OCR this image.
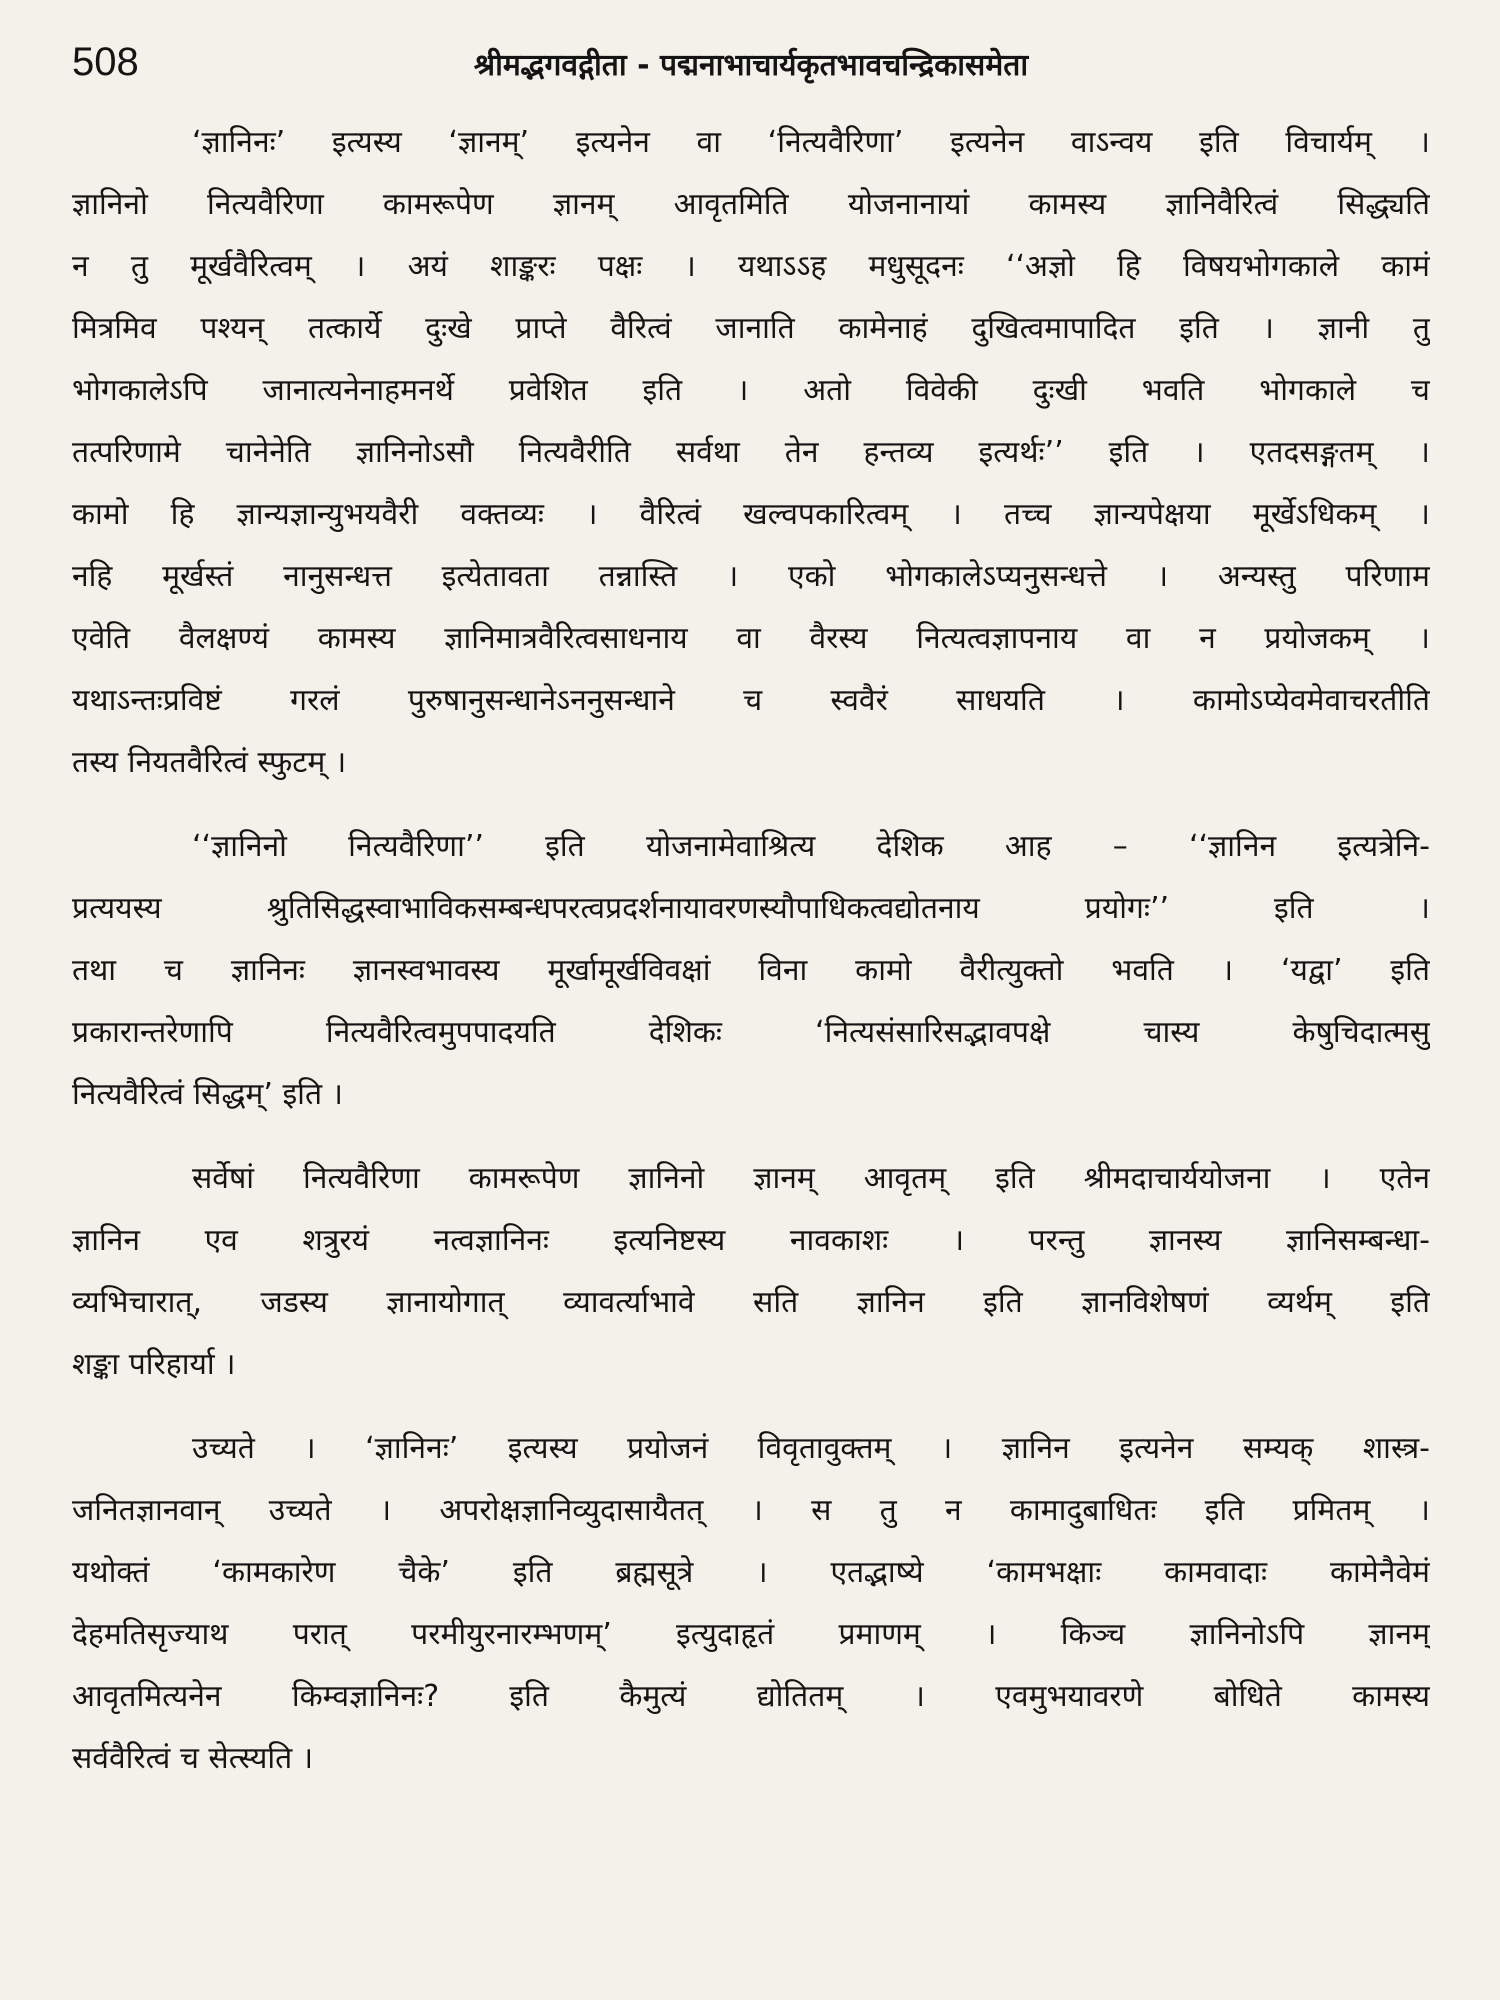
508	श्रीमद्भगवद्गीता - पद्मनाभाचार्यकृतभावचन्द्रिकासमेता
‘ज्ञानिनः’ इत्यस्य ‘ज्ञानम्’ इत्यनेन वा ‘नित्यवैरिणा’ इत्यनेन वाऽन्वय इति विचार्यम् ।
ज्ञानिनो नित्यवैरिणा कामरूपेण ज्ञानम् आवृतमिति योजनानायां कामस्य ज्ञानिवैरित्वं सिद्ध्यति
न तु मूर्खवैरित्वम् । अयं शाङ्करः पक्षः । यथाऽऽह मधुसूदनः ‘‘अज्ञो हि विषयभोगकाले कामं
मित्रमिव पश्यन् तत्कार्ये दुःखे प्राप्ते वैरित्वं जानाति कामेनाहं दुखित्वमापादित इति । ज्ञानी तु
भोगकालेऽपि जानात्यनेनाहमनर्थे प्रवेशित इति । अतो विवेकी दुःखी भवति भोगकाले च
तत्परिणामे चानेनेति ज्ञानिनोऽसौ नित्यवैरीति सर्वथा तेन हन्तव्य इत्यर्थः’’ इति । एतदसङ्गतम् ।
कामो हि ज्ञान्यज्ञान्युभयवैरी वक्तव्यः । वैरित्वं खल्वपकारित्वम् । तच्च ज्ञान्यपेक्षया मूर्खेऽधिकम् ।
नहि मूर्खस्तं नानुसन्धत्त इत्येतावता तन्नास्ति । एको भोगकालेऽप्यनुसन्धत्ते । अन्यस्तु परिणाम
एवेति वैलक्षण्यं कामस्य ज्ञानिमात्रवैरित्वसाधनाय वा वैरस्य नित्यत्वज्ञापनाय वा न प्रयोजकम् ।
यथाऽन्तःप्रविष्टं गरलं पुरुषानुसन्धानेऽननुसन्धाने च स्ववैरं साधयति । कामोऽप्येवमेवाचरतीति
तस्य नियतवैरित्वं स्फुटम् ।
‘‘ज्ञानिनो नित्यवैरिणा’’ इति योजनामेवाश्रित्य देशिक आह – ‘‘ज्ञानिन इत्यत्रेनि-
प्रत्ययस्य श्रुतिसिद्धस्वाभाविकसम्बन्धपरत्वप्रदर्शनायावरणस्यौपाधिकत्वद्योतनाय प्रयोगः’’ इति ।
तथा च ज्ञानिनः ज्ञानस्वभावस्य मूर्खामूर्खविवक्षां विना कामो वैरीत्युक्तो भवति । ‘यद्वा’ इति
प्रकारान्तरेणापि नित्यवैरित्वमुपपादयति देशिकः ‘नित्यसंसारिसद्भावपक्षे चास्य केषुचिदात्मसु
नित्यवैरित्वं सिद्धम्’ इति ।
सर्वेषां नित्यवैरिणा कामरूपेण ज्ञानिनो ज्ञानम् आवृतम् इति श्रीमदाचार्ययोजना । एतेन
ज्ञानिन एव शत्रुरयं नत्वज्ञानिनः इत्यनिष्टस्य नावकाशः । परन्तु ज्ञानस्य ज्ञानिसम्बन्धा-
व्यभिचारात्, जडस्य ज्ञानायोगात् व्यावर्त्याभावे सति ज्ञानिन इति ज्ञानविशेषणं व्यर्थम् इति
शङ्का परिहार्या ।
उच्यते । ‘ज्ञानिनः’ इत्यस्य प्रयोजनं विवृतावुक्तम् । ज्ञानिन इत्यनेन सम्यक् शास्त्र-
जनितज्ञानवान् उच्यते । अपरोक्षज्ञानिव्युदासायैतत् । स तु न कामादुबाधितः इति प्रमितम् ।
यथोक्तं ‘कामकारेण चैके’ इति ब्रह्मसूत्रे । एतद्भाष्ये ‘कामभक्षाः कामवादाः कामेनैवेमं
देहमतिसृज्याथ परात् परमीयुरनारम्भणम्’ इत्युदाहृतं प्रमाणम् । किञ्च ज्ञानिनोऽपि ज्ञानम्
आवृतमित्यनेन किम्वज्ञानिनः? इति कैमुत्यं द्योतितम् । एवमुभयावरणे बोधिते कामस्य
सर्ववैरित्वं च सेत्स्यति ।
